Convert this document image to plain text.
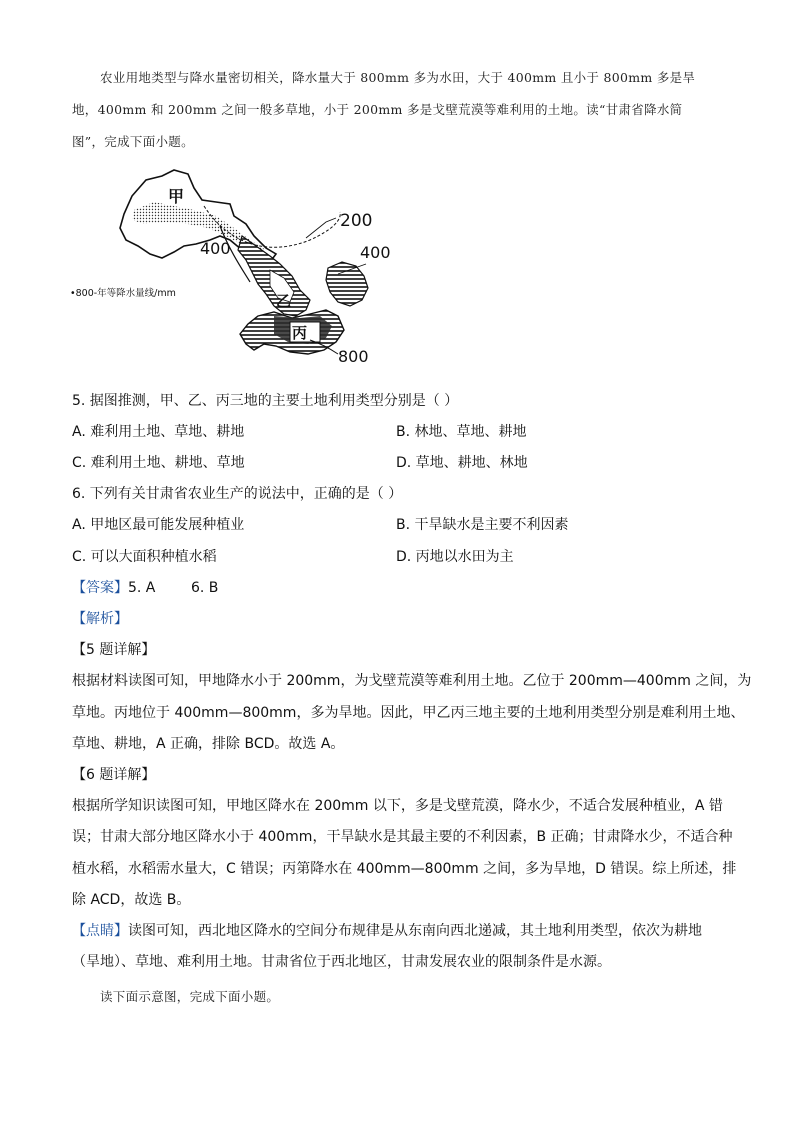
农业用地类型与降水量密切相关，降水量大于 800mm 多为水田，大于 400mm 且小于 800mm 多是旱
地，400mm 和 200mm 之间一般多草地，小于 200mm 多是戈壁荒漠等难利用的土地。读“甘肃省降水简
图”，完成下面小题。
甲
乙
丙
200
400	400
800
•800-年等降水量线/mm
5. 据图推测，甲、乙、丙三地的主要土地利用类型分别是（ ）
A. 难利用土地、草地、耕地	B. 林地、草地、耕地
C. 难利用土地、耕地、草地	D. 草地、耕地、林地
6. 下列有关甘肃省农业生产的说法中，正确的是（ ）
A. 甲地区最可能发展种植业	B. 干旱缺水是主要不利因素
C. 可以大面积种植水稻	D. 丙地以水田为主
【答案】5. A        6. B
【解析】
【5 题详解】
根据材料读图可知，甲地降水小于 200mm，为戈壁荒漠等难利用土地。乙位于 200mm—400mm 之间，为
草地。丙地位于 400mm—800mm，多为旱地。因此，甲乙丙三地主要的土地利用类型分别是难利用土地、
草地、耕地，A 正确，排除 BCD。故选 A。
【6 题详解】
根据所学知识读图可知，甲地区降水在 200mm 以下，多是戈壁荒漠，降水少，不适合发展种植业，A 错
误；甘肃大部分地区降水小于 400mm，干旱缺水是其最主要的不利因素，B 正确；甘肃降水少，不适合种
植水稻，水稻需水量大，C 错误；丙第降水在 400mm—800mm 之间，多为旱地，D 错误。综上所述，排
除 ACD，故选 B。
【点睛】读图可知，西北地区降水的空间分布规律是从东南向西北递减，其土地利用类型，依次为耕地
（旱地）、草地、难利用土地。甘肃省位于西北地区，甘肃发展农业的限制条件是水源。
读下面示意图，完成下面小题。
